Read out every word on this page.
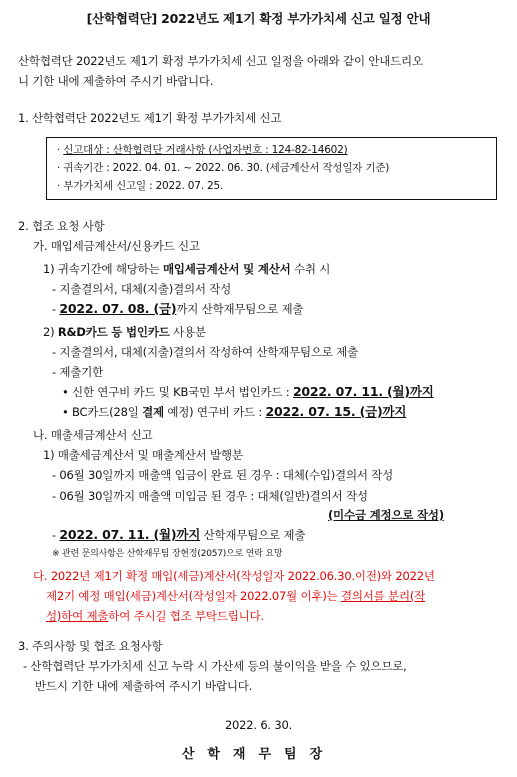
[산학협력단] 2022년도 제1기 확정 부가가치세 신고 일정 안내
산학협력단 2022년도 제1기 확정 부가가치세 신고 일정을 아래와 같이 안내드리오
니 기한 내에 제출하여 주시기 바랍니다.
1. 산학협력단 2022년도 제1기 확정 부가가치세 신고
· 신고대상 : 산학협력단 거래사항 (사업자번호 : 124-82-14602)
· 귀속기간 : 2022. 04. 01. ~ 2022. 06. 30. (세금계산서 작성일자 기준)
· 부가가치세 신고일 : 2022. 07. 25.
2. 협조 요청 사항
가. 매입세금계산서/신용카드 신고
1) 귀속기간에 해당하는 매입세금계산서 및 계산서 수취 시
- 지출결의서, 대체(지출)결의서 작성
- 2022. 07. 08. (금)까지 산학재무팀으로 제출
2) R&D카드 등 법인카드 사용분
- 지출결의서, 대체(지출)결의서 작성하여 산학재무팀으로 제출
- 제출기한
• 신한 연구비 카드 및 KB국민 부서 법인카드 : 2022. 07. 11. (월)까지
• BC카드(28일 결제 예정) 연구비 카드 : 2022. 07. 15. (금)까지
나. 매출세금계산서 신고
1) 매출세금계산서 및 매출계산서 발행분
- 06월 30일까지 매출액 입금이 완료 된 경우 : 대체(수입)결의서 작성
- 06월 30일까지 매출액 미입금 된 경우 : 대체(일반)결의서 작성
(미수금 계정으로 작성)
- 2022. 07. 11. (월)까지 산학재무팀으로 제출
※ 관련 문의사항은 산학재무팀 장현정(2057)으로 연락 요망
다. 2022년 제1기 확정 매입(세금)계산서(작성일자 2022.06.30.이전)와 2022년
제2기 예정 매입(세금)계산서(작성일자 2022.07월 이후)는 결의서를 분리(작
성)하여 제출하여 주시길 협조 부탁드립니다.
3. 주의사항 및 협조 요청사항
- 산학협력단 부가가치세 신고 누락 시 가산세 등의 불이익을 받을 수 있으므로,
반드시 기한 내에 제출하여 주시기 바랍니다.
2022. 6. 30.
산학재무팀장
